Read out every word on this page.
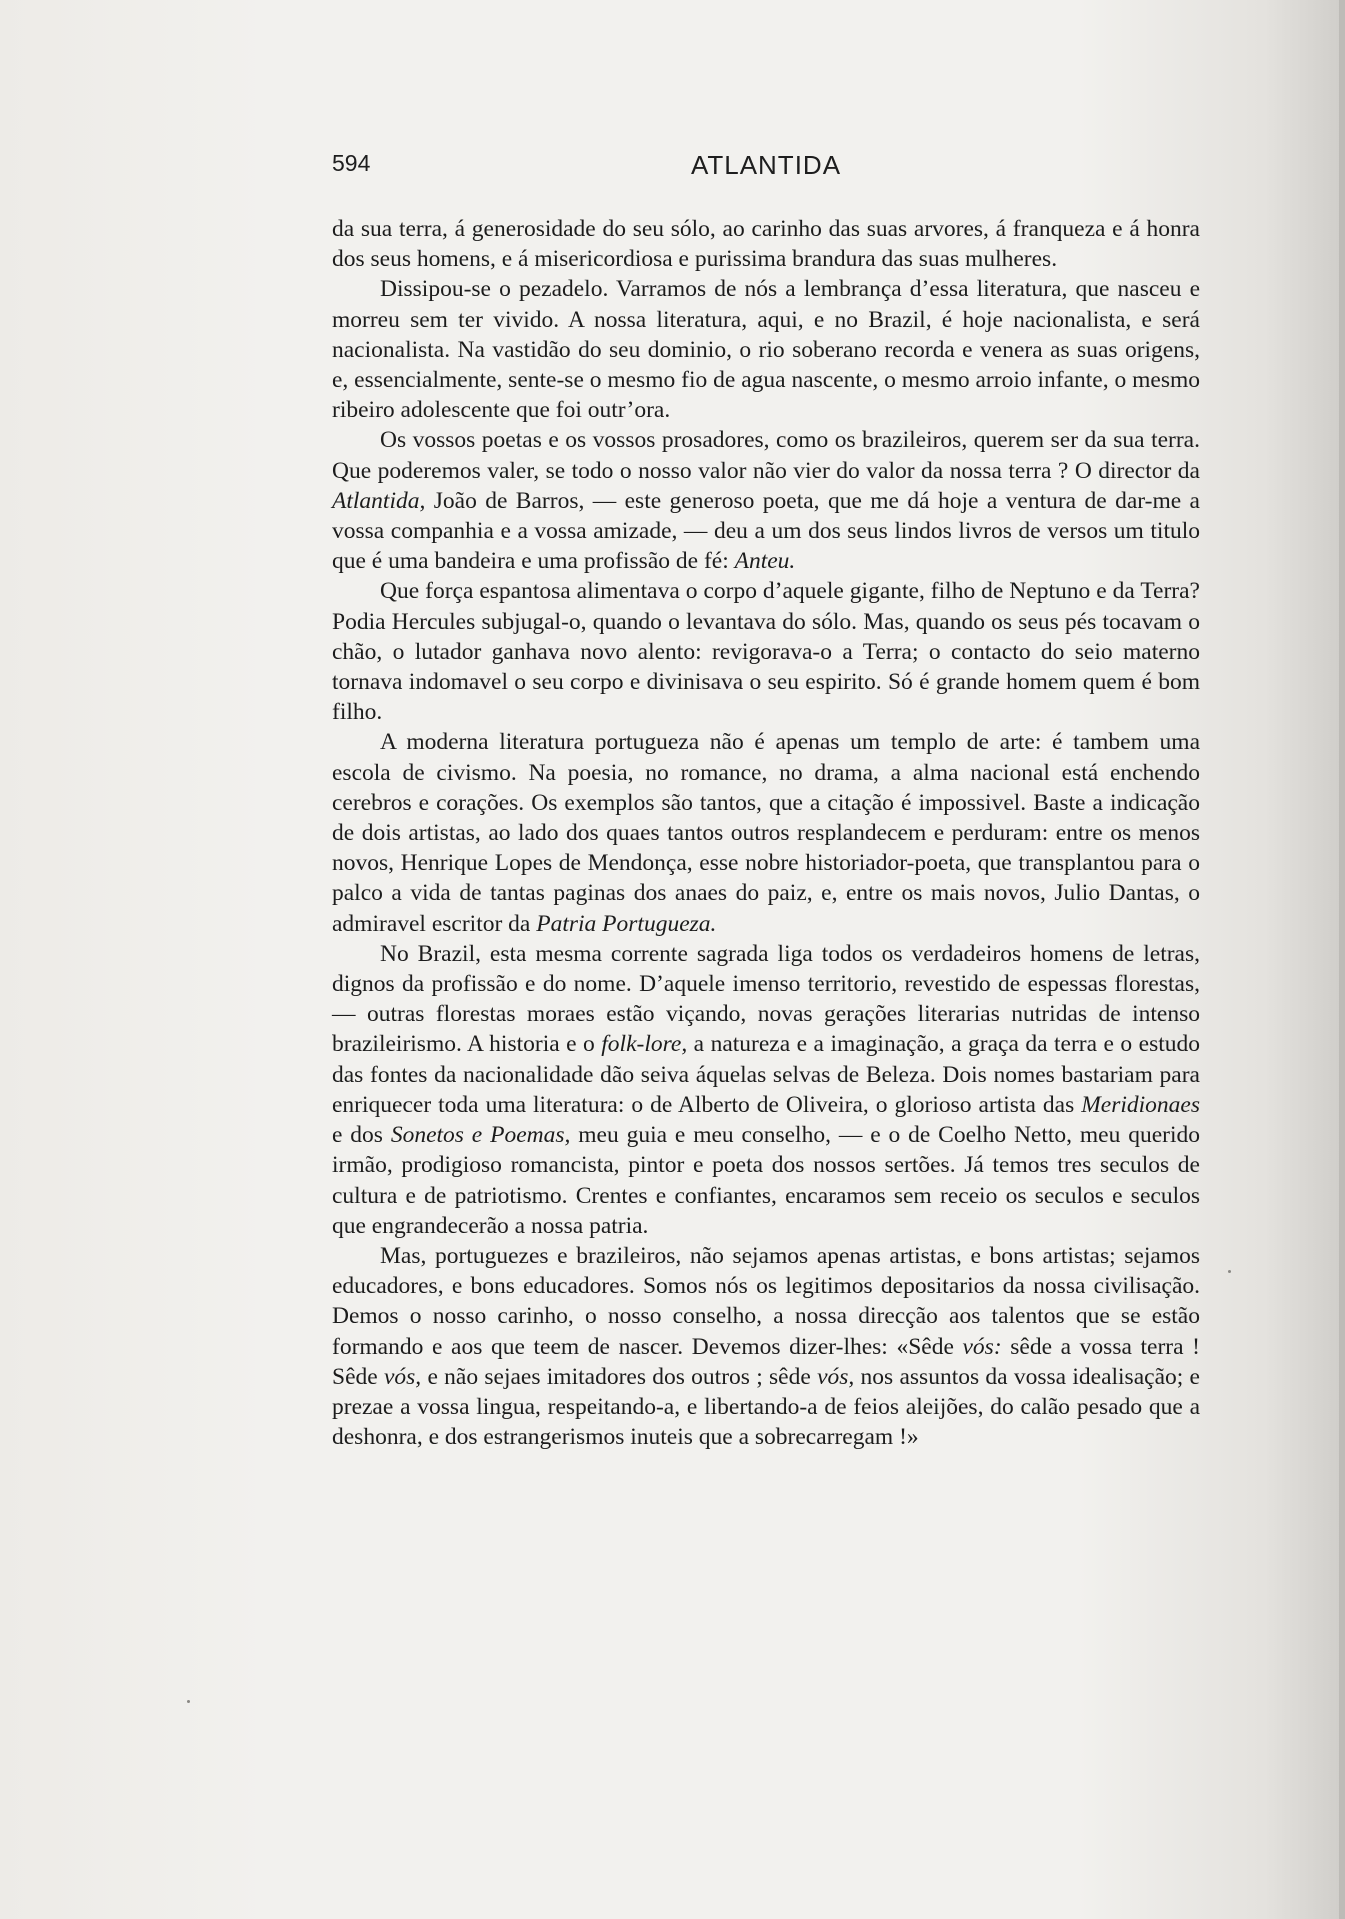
594	ATLANTIDA

da sua terra, á generosidade do seu sólo, ao carinho das suas arvores, á franqueza e á honra dos seus homens, e á misericordiosa e purissima brandura das suas mulheres.

Dissipou-se o pezadelo. Varramos de nós a lembrança d’essa literatura, que nasceu e morreu sem ter vivido. A nossa literatura, aqui, e no Brazil, é hoje nacionalista, e será nacionalista. Na vastidão do seu dominio, o rio soberano recorda e venera as suas origens, e, essencialmente, sente-se o mesmo fio de agua nascente, o mesmo arroio infante, o mesmo ribeiro adolescente que foi outr’ora.

Os vossos poetas e os vossos prosadores, como os brazileiros, querem ser da sua terra. Que poderemos valer, se todo o nosso valor não vier do valor da nossa terra ? O director da Atlantida, João de Barros, — este generoso poeta, que me dá hoje a ventura de dar-me a vossa companhia e a vossa amizade, — deu a um dos seus lindos livros de versos um titulo que é uma bandeira e uma profissão de fé: Anteu.

Que força espantosa alimentava o corpo d’aquele gigante, filho de Neptuno e da Terra? Podia Hercules subjugal-o, quando o levantava do sólo. Mas, quando os seus pés tocavam o chão, o lutador ganhava novo alento: revigorava-o a Terra; o contacto do seio materno tornava indomavel o seu corpo e divinisava o seu espirito. Só é grande homem quem é bom filho.

A moderna literatura portugueza não é apenas um templo de arte: é tambem uma escola de civismo. Na poesia, no romance, no drama, a alma nacional está enchendo cerebros e corações. Os exemplos são tantos, que a citação é impossivel. Baste a indicação de dois artistas, ao lado dos quaes tantos outros resplandecem e perduram: entre os menos novos, Henrique Lopes de Mendonça, esse nobre historiador-poeta, que transplantou para o palco a vida de tantas paginas dos anaes do paiz, e, entre os mais novos, Julio Dantas, o admiravel escritor da Patria Portugueza.

No Brazil, esta mesma corrente sagrada liga todos os verdadeiros homens de letras, dignos da profissão e do nome. D’aquele imenso territorio, revestido de espessas florestas, — outras florestas moraes estão viçando, novas gerações literarias nutridas de intenso brazileirismo. A historia e o folk-lore, a natureza e a imaginação, a graça da terra e o estudo das fontes da nacionalidade dão seiva áquelas selvas de Beleza. Dois nomes bastariam para enriquecer toda uma literatura: o de Alberto de Oliveira, o glorioso artista das Meridionaes e dos Sonetos e Poemas, meu guia e meu conselho, — e o de Coelho Netto, meu querido irmão, prodigioso romancista, pintor e poeta dos nossos sertões. Já temos tres seculos de cultura e de patriotismo. Crentes e confiantes, encaramos sem receio os seculos e seculos que engrandecerão a nossa patria.

Mas, portuguezes e brazileiros, não sejamos apenas artistas, e bons artistas; sejamos educadores, e bons educadores. Somos nós os legitimos depositarios da nossa civilisação. Demos o nosso carinho, o nosso conselho, a nossa direcção aos talentos que se estão formando e aos que teem de nascer. Devemos dizer-lhes: «Sêde vós: sêde a vossa terra ! Sêde vós, e não sejaes imitadores dos outros ; sêde vós, nos assuntos da vossa idealisação; e prezae a vossa lingua, respeitando-a, e libertando-a de feios aleijões, do calão pesado que a deshonra, e dos estrangerismos inuteis que a sobrecarregam !»
